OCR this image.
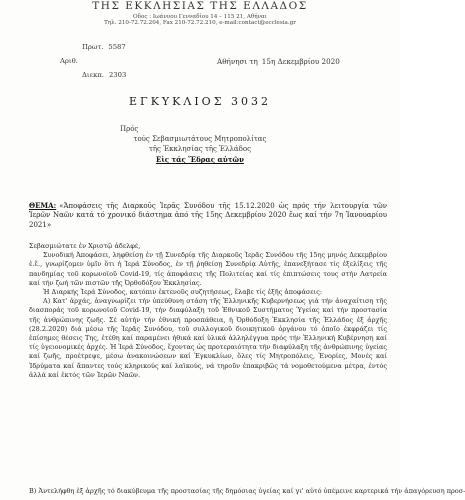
ΤΗΣ ΕΚΚΛΗΣΙΑΣ ΤΗΣ ΕΛΛΑΔΟΣ
Oδος : Ιωάννου Γενναδίου 14 – 115 21, Αθήναι
Τηλ. 210-72.72.204, Fax 210-72.72.210, e-mail:contact@ecclesia.gr
Πρωτ. 5587
Αριθ.
Διεκπ. 2303
Αθήνησι τη 15η Δεκεμβρίου 2020
ΕΓΚΥΚΛΙΟΣ 3032
Πρός
τούς Σεβασμιωτάτους Μητροπολίτας
τῆς Ἐκκλησίας τῆς Ἑλλάδος
Εἰς τάς Ἕδρας αὐτῶν
ΘΕΜΑ: «Ἀποφάσεις τῆς Διαρκοῦς Ἱερᾶς Συνόδου τῆς 15.12.2020 ὡς πρός τήν λειτουργία τῶν Ἱερῶν Ναῶν κατά τό χρονικό διάστημα ἀπό τῆς 15ης Δεκεμβρίου 2020 ἕως καί τήν 7η Ἰανουαρίου 2021»

Σεβασμιώτατε ἐν Χριστῷ ἀδελφέ,

Συνοδική Ἀποφάσει, ληφθείσῃ ἐν τῇ Συνεδρίᾳ τῆς Διαρκοῦς Ἱερᾶς Συνόδου τῆς 15ης μηνός Δεκεμβρίου ἐ.ἔ., γνωρίζομεν ὑμῖν ὅτι ἡ Ἱερά Σύνοδος, ἐν τῇ ῥηθείσῃ Συνεδρίᾳ Αὐτῆς, ἐπανεξήτασε τίς ἐξελίξεις τῆς πανδημίας τοῦ κορωνοϊοῦ Covid-19, τίς ἀποφάσεις τῆς Πολιτείας καί τίς ἐπιπτώσεις τους στήν Λατρεία καί τήν ζωή τῶν πιστῶν τῆς Ὀρθοδόξου Ἐκκλησίας.

Ἡ Διαρκής Ἱερά Σύνοδος, κατόπιν ἐκτενοῦς συζητήσεως, ἔλαβε τίς ἑξῆς ἀποφάσεις:

Α) Κατ' ἀρχάς, ἀναγνωρίζει τήν ὑπεύθυνη στάση τῆς Ἑλληνικῆς Κυβερνήσεως γιά τήν ἀναχαίτιση τῆς διασποράς τοῦ κορωνοϊοῦ Covid-19, τήν διαφύλαξη τοῦ Ἐθνικοῦ Συστήματος Ὑγείας καί τήν προστασία τῆς ἀνθρώπινης ζωῆς. Σέ αὐτήν τήν ἐθνική προσπάθεια, ἡ Ὀρθόδοξη Ἐκκλησία τῆς Ἑλλάδος ἐξ ἀρχῆς (28.2.2020) διά μέσω τῆς Ἱερᾶς Συνόδου, τοῦ συλλογικοῦ διοικητικοῦ ὀργάνου τό ὁποῖο ἐκφράζει τίς ἐπίσημες θέσεις Της, ἐτέθη καί παραμένει ἠθικά καί ὑλικά ἀλληλέγγυα πρός τήν Ἑλληνική Κυβέρνηση καί τίς ὑγειονομικές ἀρχές. Ἡ Ἱερά Σύνοδος, ἔχοντας ὡς προτεραιότητα τήν διαφύλαξη τῆς ἀνθρώπινης ὑγείας καί ζωῆς, προέτρεψε, μέσω ἀνακοινώσεων καί Ἐγκυκλίων, ὅλες τίς Μητροπόλεις, Ἐνορίες, Μονές καί Ἱδρύματα καί ἅπαντες τούς κληρικούς καί λαϊκούς, νά τηροῦν ἐπακριβῶς τά νομοθετούμενα μέτρα, ἐντός ἀλλά καί ἐκτός τῶν Ἱερῶν Ναῶν.

Β) Ἀντελήφθη ἐξ ἀρχῆς τό διακύβευμα τῆς προστασίας τῆς δημόσιας ὑγείας καί γι' αὐτό ὑπέμεινε καρτερικά τήν ἀπαγόρευση προσ-
